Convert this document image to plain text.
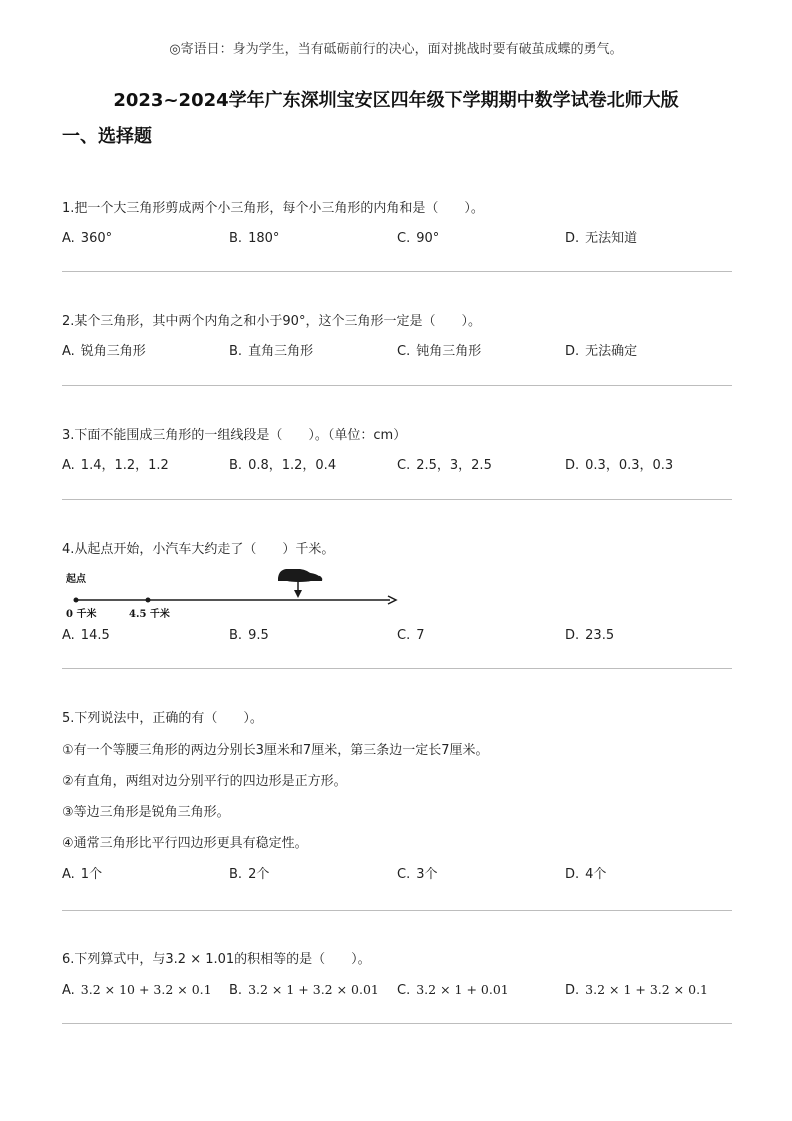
◎寄语日：身为学生，当有砥砺前行的决心，面对挑战时要有破茧成蝶的勇气。
2023~2024学年广东深圳宝安区四年级下学期期中数学试卷北师大版
一、选择题
1.把一个大三角形剪成两个小三角形，每个小三角形的内角和是（　　）。
A. 360°	B. 180°	C. 90°	D. 无法知道
2.某个三角形，其中两个内角之和小于90°，这个三角形一定是（　　）。
A. 锐角三角形	B. 直角三角形	C. 钝角三角形	D. 无法确定
3.下面不能围成三角形的一组线段是（　　）。（单位：cm）
A. 1.4，1.2，1.2	B. 0.8，1.2，0.4	C. 2.5，3，2.5	D. 0.3，0.3，0.3
4.从起点开始，小汽车大约走了（　　）千米。
起点
0 千米	4.5 千米
A. 14.5	B. 9.5	C. 7	D. 23.5
5.下列说法中，正确的有（　　）。
①有一个等腰三角形的两边分别长3厘米和7厘米，第三条边一定长7厘米。
②有直角，两组对边分别平行的四边形是正方形。
③等边三角形是锐角三角形。
④通常三角形比平行四边形更具有稳定性。
A. 1个	B. 2个	C. 3个	D. 4个
6.下列算式中，与3.2 × 1.01的积相等的是（　　）。
A. 3.2 × 10 + 3.2 × 0.1 B. 3.2 × 1 + 3.2 × 0.01 C. 3.2 × 1 + 0.01	D. 3.2 × 1 + 3.2 × 0.1
